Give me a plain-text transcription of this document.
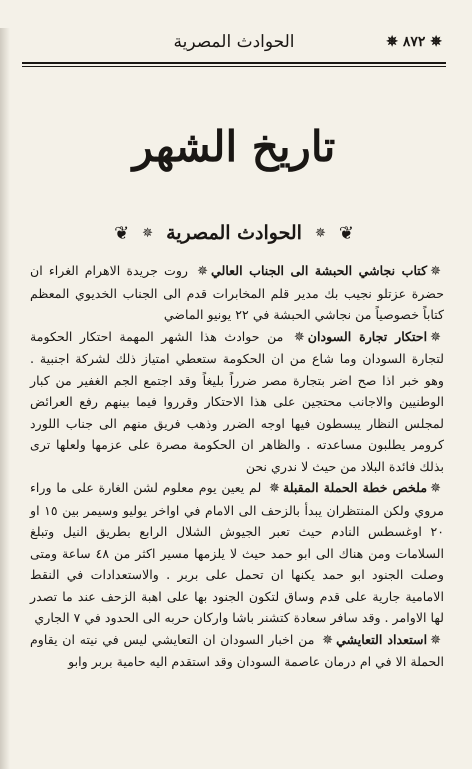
✵ ٨٧٢ ✵
الحوادث المصرية
تاريخ الشهر
❦
✵
الحوادث المصرية
✵
❦

✵كتاب نجاشي الحبشة الى الجناب العالي✵ روت جريدة الاهرام الغراء ان حضرة عزتلو نجيب بك مدير قلم المخابرات قدم الى الجناب الخديوي المعظم كتاباً خصوصياً من نجاشي الحبشة في ٢٢ يونيو الماضي

✵احتكار تجارة السودان✵ من حوادث هذا الشهر المهمة احتكار الحكومة لتجارة السودان وما شاع من ان الحكومة ستعطي امتياز ذلك لشركة اجنبية . وهو خبر اذا صح اضر بتجارة مصر ضرراً بليغاً وقد اجتمع الجم الغفير من كبار الوطنيين والاجانب محتجين على هذا الاحتكار وقرروا فيما بينهم رفع العرائض لمجلس النظار يبسطون فيها اوجه الضرر وذهب فريق منهم الى جناب اللورد كرومر يطلبون مساعدته . والظاهر ان الحكومة مصرة على عزمها ولعلها ترى بذلك فائدة البلاد من حيث لا ندري نحن

✵ملخص خطة الحملة المقبلة✵ لم يعين يوم معلوم لشن الغارة على ما وراء مروي ولكن المنتظران يبدأ بالزحف الى الامام في اواخر يوليو وسيمر بين ١٥ او ٢٠ اوغسطس النادم حيث تعبر الجيوش الشلال الرابع بطريق النيل وتبلغ السلامات ومن هناك الى ابو حمد حيث لا يلزمها مسير اكثر من ٤٨ ساعة ومتى وصلت الجنود ابو حمد يكنها ان تحمل على بربر . والاستعدادات في النقط الامامية جارية على قدم وساق لتكون الجنود بها على اهبة الزحف عند ما تصدر لها الاوامر . وقد سافر سعادة كتشنر باشا واركان حربه الى الحدود في ٧ الجاري

✵استعداد التعايشي✵ من اخبار السودان ان التعايشي ليس في نيته ان يقاوم الحملة الا في ام درمان عاصمة السودان وقد استقدم اليه حامية بربر وابو
